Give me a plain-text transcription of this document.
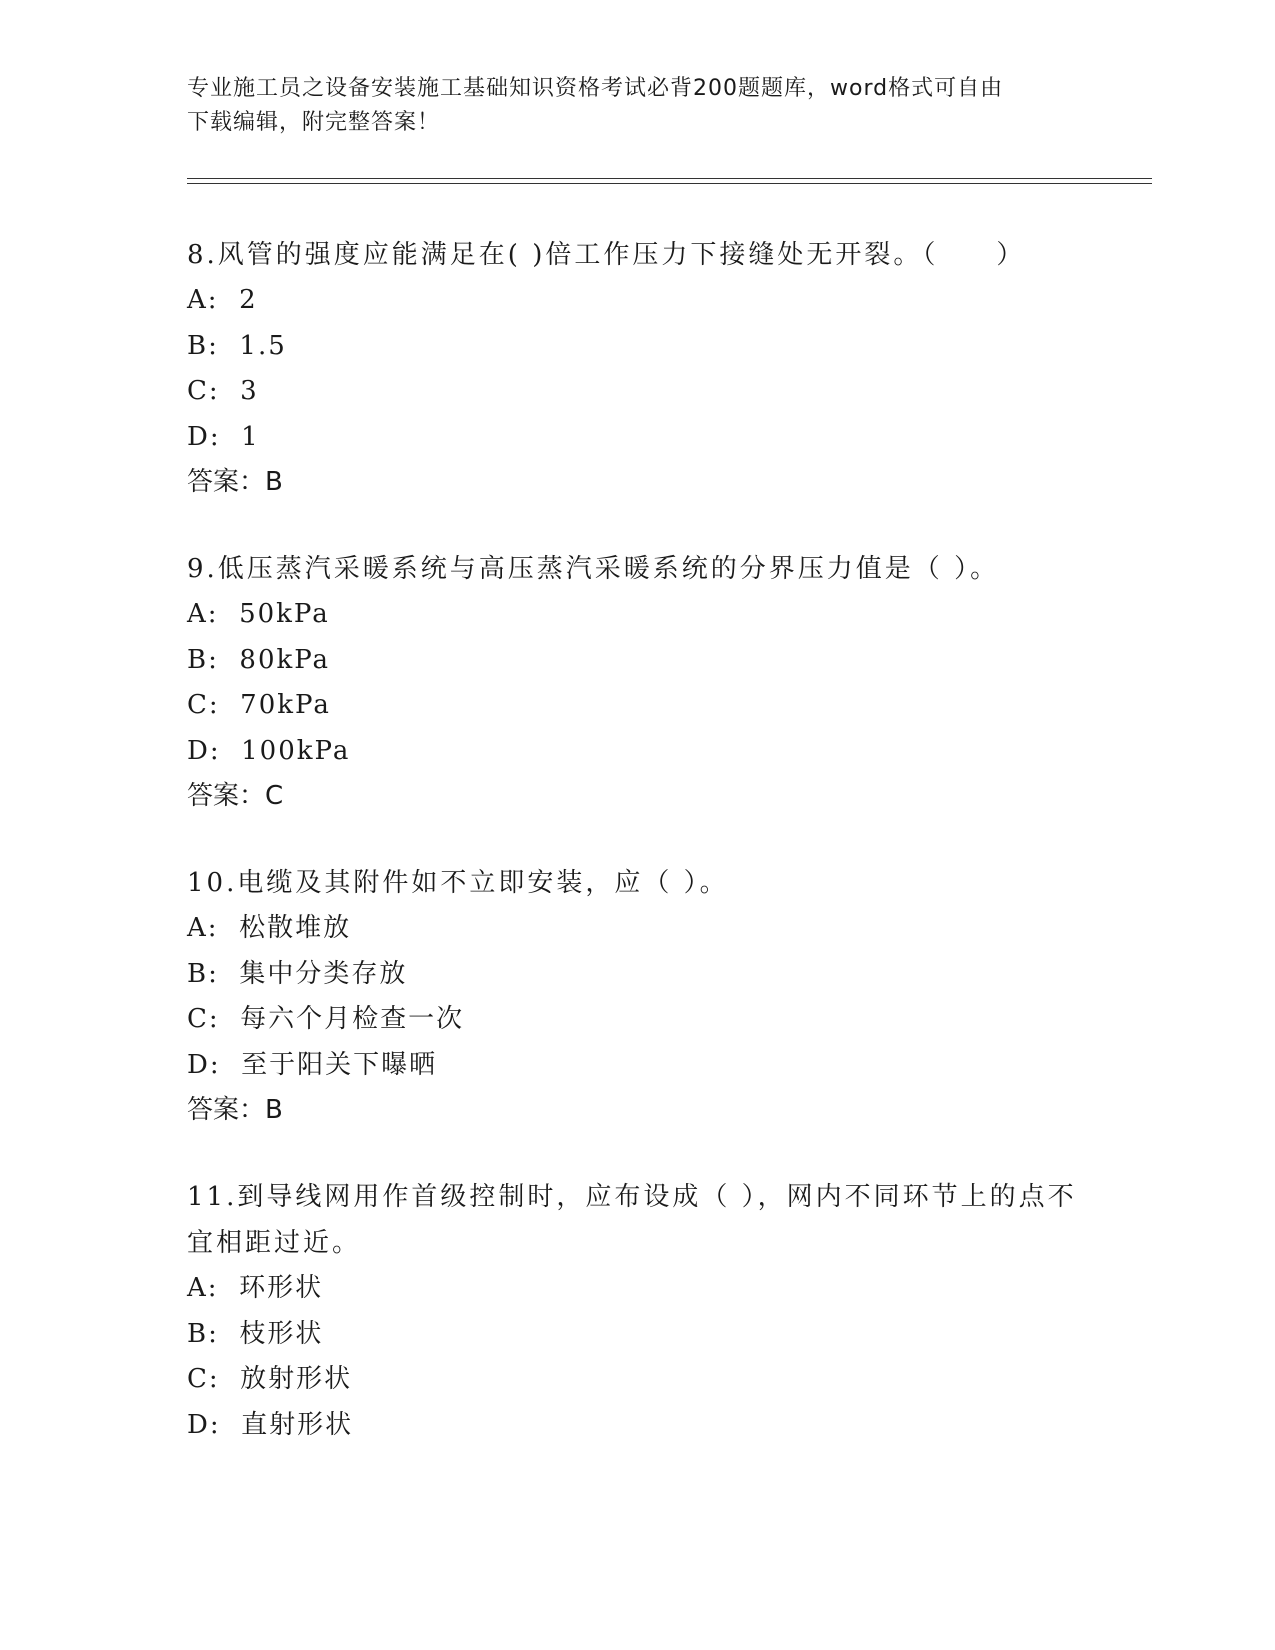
专业施工员之设备安装施工基础知识资格考试必背200题题库，word格式可自由
下载编辑，附完整答案！

8.风管的强度应能满足在( )倍工作压力下接缝处无开裂。（　　）

A:  2

B:  1.5

C:  3

D:  1

答案：B

9.低压蒸汽采暖系统与高压蒸汽采暖系统的分界压力值是（ ）。

A:  50kPa

B:  80kPa

C:  70kPa

D:  100kPa

答案：C

10.电缆及其附件如不立即安装，应（ ）。

A:  松散堆放

B:  集中分类存放

C:  每六个月检查一次

D:  至于阳关下曝晒

答案：B

11.到导线网用作首级控制时，应布设成（ ），网内不同环节上的点不宜相距过近。

A:  环形状

B:  枝形状

C:  放射形状

D:  直射形状
